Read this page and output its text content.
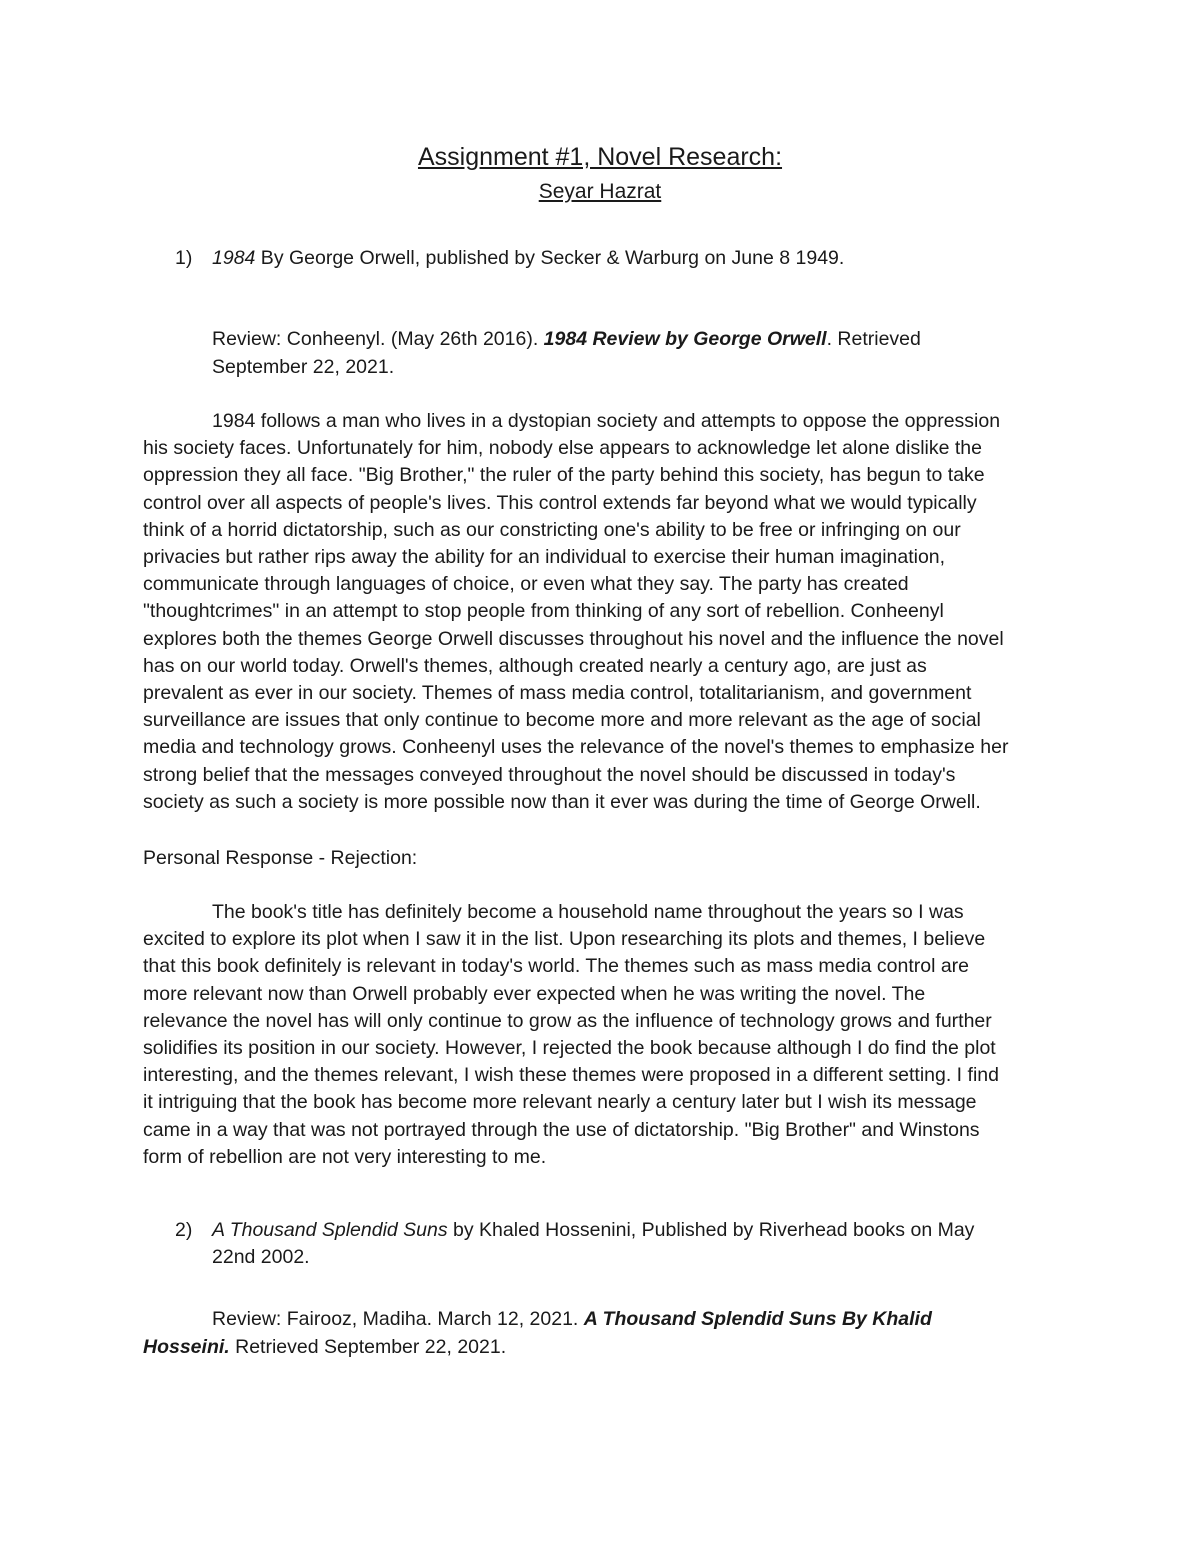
Assignment #1, Novel Research:
Seyar Hazrat
1) 1984 By George Orwell, published by Secker & Warburg on June 8 1949.
Review: Conheenyl. (May 26th 2016). 1984 Review by George Orwell. Retrieved
September 22, 2021.
1984 follows a man who lives in a dystopian society and attempts to oppose the oppression
his society faces. Unfortunately for him, nobody else appears to acknowledge let alone dislike the
oppression they all face. "Big Brother," the ruler of the party behind this society, has begun to take
control over all aspects of people's lives. This control extends far beyond what we would typically
think of a horrid dictatorship, such as our constricting one's ability to be free or infringing on our
privacies but rather rips away the ability for an individual to exercise their human imagination,
communicate through languages of choice, or even what they say. The party has created
"thoughtcrimes" in an attempt to stop people from thinking of any sort of rebellion. Conheenyl
explores both the themes George Orwell discusses throughout his novel and the influence the novel
has on our world today. Orwell's themes, although created nearly a century ago, are just as
prevalent as ever in our society. Themes of mass media control, totalitarianism, and government
surveillance are issues that only continue to become more and more relevant as the age of social
media and technology grows. Conheenyl uses the relevance of the novel's themes to emphasize her
strong belief that the messages conveyed throughout the novel should be discussed in today's
society as such a society is more possible now than it ever was during the time of George Orwell.
Personal Response - Rejection:
The book's title has definitely become a household name throughout the years so I was
excited to explore its plot when I saw it in the list. Upon researching its plots and themes, I believe
that this book definitely is relevant in today's world. The themes such as mass media control are
more relevant now than Orwell probably ever expected when he was writing the novel. The
relevance the novel has will only continue to grow as the influence of technology grows and further
solidifies its position in our society. However, I rejected the book because although I do find the plot
interesting, and the themes relevant, I wish these themes were proposed in a different setting. I find
it intriguing that the book has become more relevant nearly a century later but I wish its message
came in a way that was not portrayed through the use of dictatorship. "Big Brother" and Winstons
form of rebellion are not very interesting to me.
2) A Thousand Splendid Suns by Khaled Hossenini, Published by Riverhead books on May
22nd 2002.
Review: Fairooz, Madiha. March 12, 2021. A Thousand Splendid Suns By Khalid
Hosseini. Retrieved September 22, 2021.
